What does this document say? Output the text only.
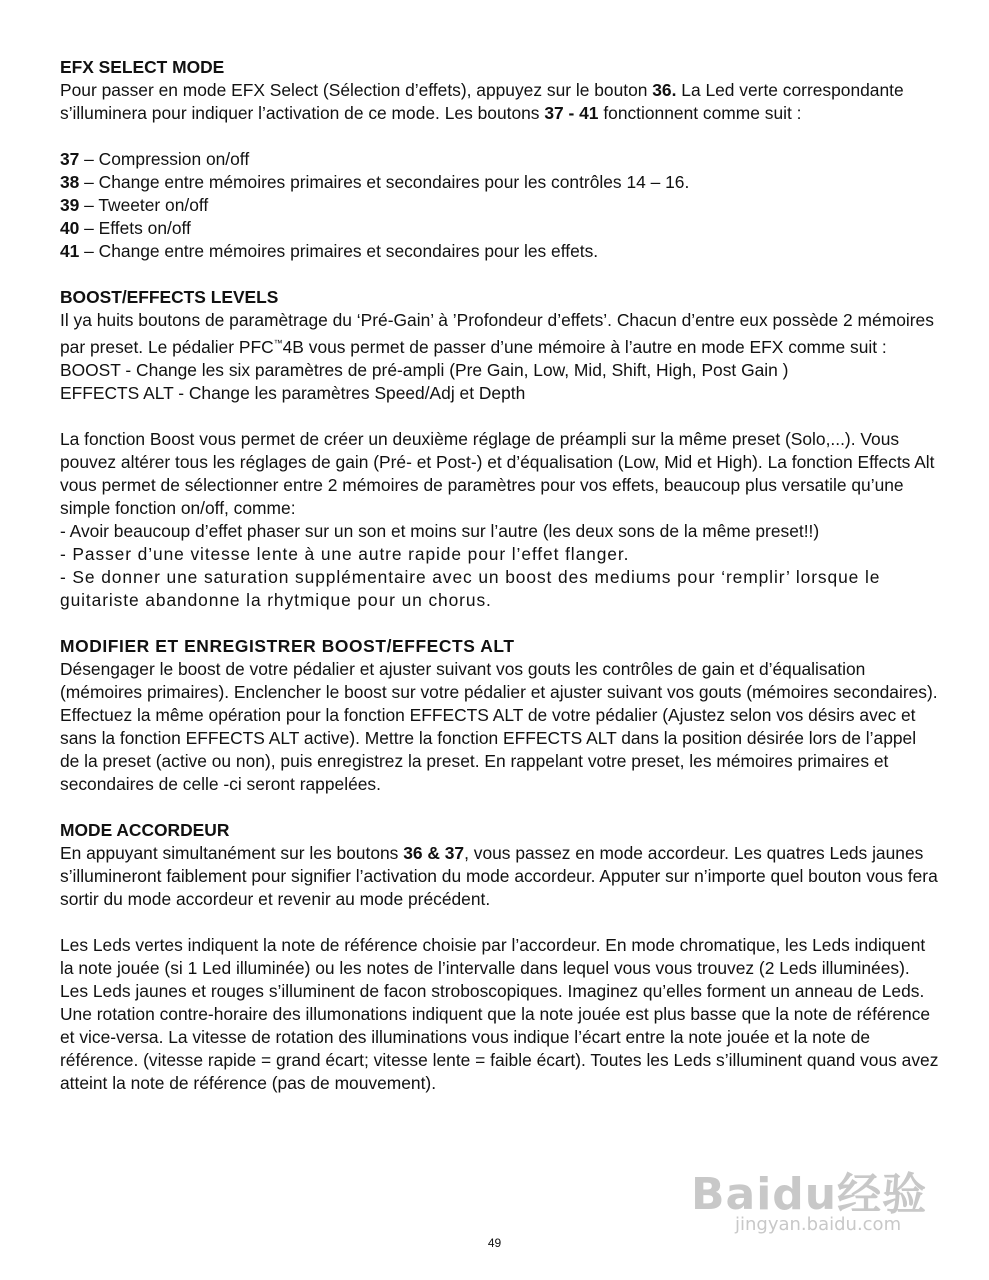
EFX SELECT MODE

Pour passer en mode EFX Select (Sélection d’effets), appuyez sur le bouton 36. La Led verte correspondante s’illuminera pour indiquer l’activation de ce mode. Les boutons 37 - 41 fonctionnent comme suit :

37 – Compression on/off
38 – Change entre mémoires primaires et secondaires pour les contrôles 14 – 16.
39 – Tweeter on/off
40 – Effets on/off
41 – Change entre mémoires primaires et secondaires pour les effets.

BOOST/EFFECTS LEVELS

Il ya huits boutons de paramètrage du ‘Pré-Gain’ à ’Profondeur d’effets’. Chacun d’entre eux possède 2 mémoires par preset. Le pédalier PFC™4B vous permet de passer d’une mémoire à l’autre en mode EFX comme suit :

BOOST - Change les six paramètres de pré-ampli (Pre Gain, Low, Mid, Shift, High, Post Gain )

EFFECTS ALT - Change les paramètres Speed/Adj et Depth

La fonction Boost vous permet de créer un deuxième réglage de préampli sur la même preset (Solo,...). Vous pouvez altérer tous les réglages de gain (Pré- et Post-) et d’équalisation (Low, Mid et High). La fonction Effects Alt vous permet de sélectionner entre 2 mémoires de paramètres pour vos effets, beaucoup plus versatile qu’une simple fonction on/off, comme:

- Avoir beaucoup d’effet phaser sur un son et moins sur l’autre (les deux sons de la même preset!!)

- Passer d’une vitesse lente à une autre rapide pour l’effet flanger.

- Se donner une saturation supplémentaire avec un boost des mediums pour ‘remplir’ lorsque le guitariste abandonne la rhytmique pour un chorus.

MODIFIER ET ENREGISTRER BOOST/EFFECTS ALT

Désengager le boost de votre pédalier et ajuster suivant vos gouts les contrôles de gain et d’équalisation (mémoires primaires). Enclencher le boost sur votre pédalier et ajuster suivant vos gouts (mémoires secondaires). Effectuez la même opération pour la fonction EFFECTS ALT de votre pédalier (Ajustez selon vos désirs avec et sans la fonction EFFECTS ALT active). Mettre la fonction EFFECTS ALT dans la position désirée lors de l’appel de la preset (active ou non), puis enregistrez la preset. En rappelant votre preset, les mémoires primaires et secondaires de celle -ci seront rappelées.

MODE ACCORDEUR

En appuyant simultanément sur les boutons 36 & 37, vous passez en mode accordeur. Les quatres Leds jaunes s’illumineront faiblement pour signifier l’activation du mode accordeur. Apputer sur n’importe quel bouton vous fera sortir du mode accordeur et revenir au mode précédent.

Les Leds vertes indiquent la note de référence choisie par l’accordeur. En mode chromatique, les Leds indiquent la note jouée (si 1 Led illuminée) ou les notes de l’intervalle dans lequel vous vous trouvez (2 Leds illuminées).

Les Leds jaunes et rouges s’illuminent de facon stroboscopiques. Imaginez qu’elles forment un anneau de Leds. Une rotation contre-horaire des illumonations indiquent que la note jouée est plus basse que la note de référence et vice-versa. La vitesse de rotation des illuminations vous indique l’écart entre la note jouée et la note de référence. (vitesse rapide = grand écart; vitesse lente = faible écart). Toutes les Leds s’illuminent quand vous avez atteint la note de référence (pas de mouvement).

Baidu经验
jingyan.baidu.com
49
